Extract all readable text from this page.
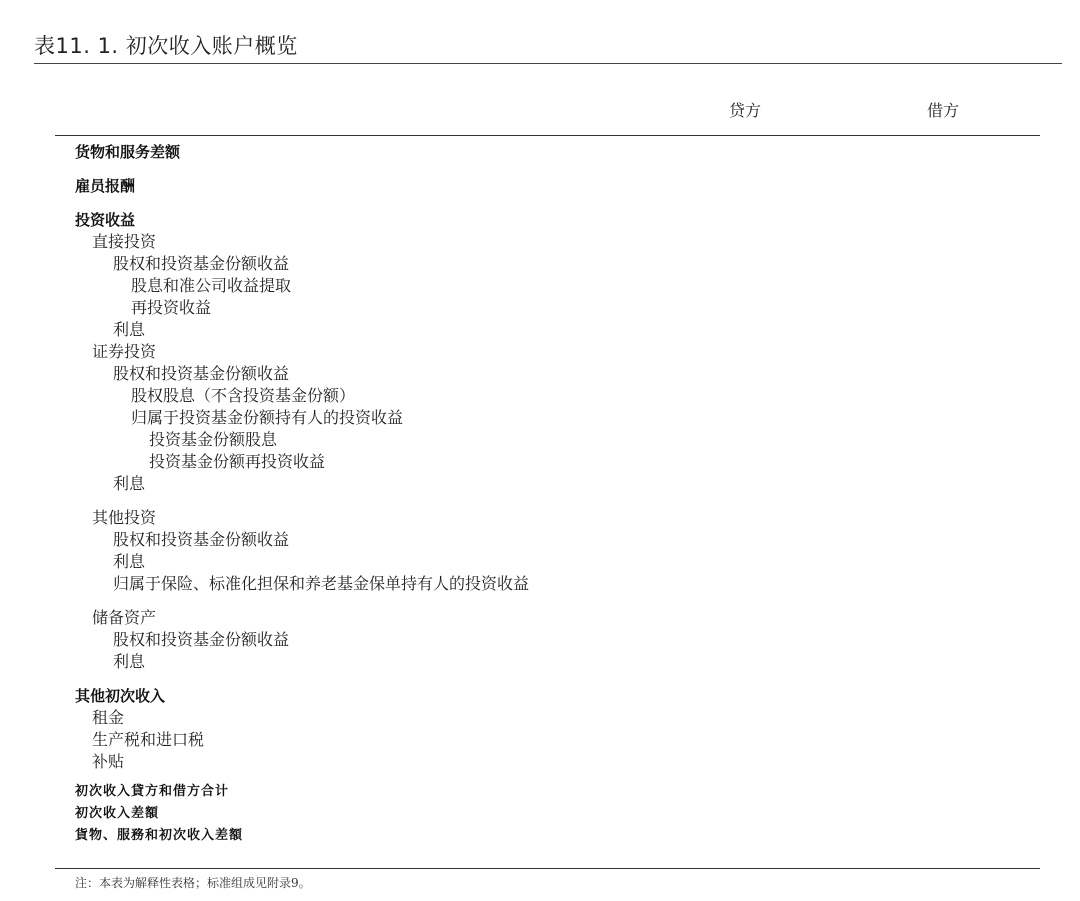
表11. 1. 初次收入账户概览
贷方	借方
货物和服务差额
雇员报酬
投资收益
直接投资
股权和投资基金份额收益
股息和准公司收益提取
再投资收益
利息
证券投资
股权和投资基金份额收益
股权股息（不含投资基金份额）
归属于投资基金份额持有人的投资收益
投资基金份额股息
投资基金份额再投资收益
利息
其他投资
股权和投资基金份额收益
利息
归属于保险、标准化担保和养老基金保单持有人的投资收益
储备资产
股权和投资基金份额收益
利息
其他初次收入
租金
生产税和进口税
补贴
初次收入貸方和借方合计
初次收入差額
貨物、服務和初次收入差額
注：本表为解释性表格；标准组成见附录9。
